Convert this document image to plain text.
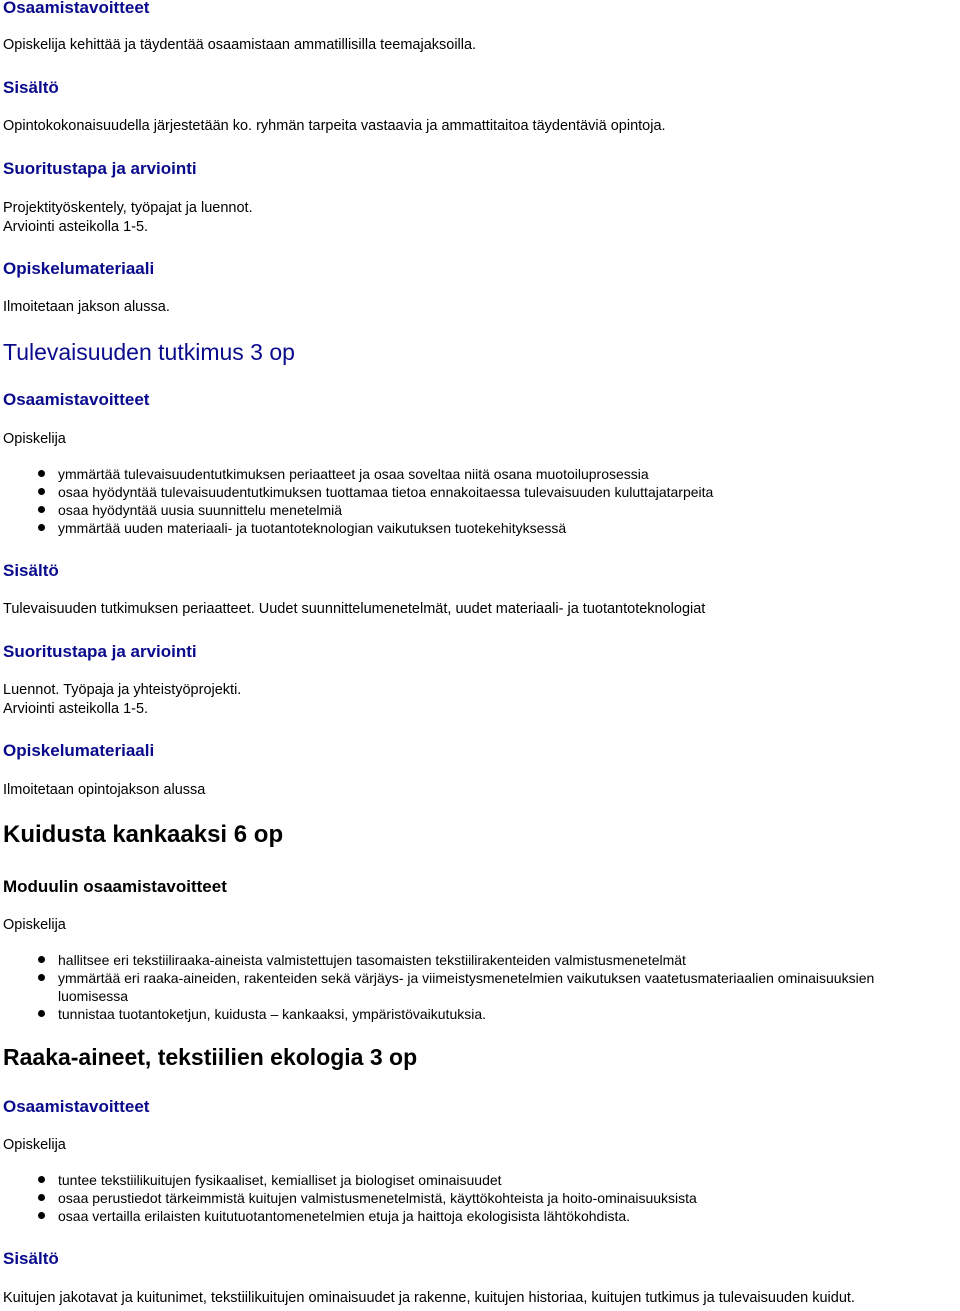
Osaamistavoitteet
Opiskelija kehittää ja täydentää osaamistaan ammatillisilla teemajaksoilla.
Sisältö
Opintokokonaisuudella järjestetään ko. ryhmän tarpeita vastaavia ja ammattitaitoa täydentäviä opintoja.
Suoritustapa ja arviointi
Projektityöskentely, työpajat ja luennot.
Arviointi asteikolla 1-5.
Opiskelumateriaali
Ilmoitetaan jakson alussa.
Tulevaisuuden tutkimus 3 op
Osaamistavoitteet
Opiskelija
ymmärtää tulevaisuudentutkimuksen periaatteet ja osaa soveltaa niitä osana muotoiluprosessia
osaa hyödyntää tulevaisuudentutkimuksen tuottamaa tietoa ennakoitaessa tulevaisuuden kuluttajatarpeita
osaa hyödyntää uusia suunnittelu menetelmiä
ymmärtää uuden materiaali- ja tuotantoteknologian vaikutuksen tuotekehityksessä
Sisältö
Tulevaisuuden tutkimuksen periaatteet. Uudet suunnittelumenetelmät, uudet materiaali- ja tuotantoteknologiat
Suoritustapa ja arviointi
Luennot. Työpaja ja yhteistyöprojekti.
Arviointi asteikolla 1-5.
Opiskelumateriaali
Ilmoitetaan opintojakson alussa
Kuidusta kankaaksi 6 op
Moduulin osaamistavoitteet
Opiskelija
hallitsee eri tekstiiliraaka-aineista valmistettujen tasomaisten tekstiilirakenteiden valmistusmenetelmät
ymmärtää eri raaka-aineiden, rakenteiden sekä värjäys- ja viimeistysmenetelmien vaikutuksen vaatetusmateriaalien ominaisuuksien
luomisessa
tunnistaa tuotantoketjun, kuidusta – kankaaksi, ympäristövaikutuksia.
Raaka-aineet, tekstiilien ekologia 3 op
Osaamistavoitteet
Opiskelija
tuntee tekstiilikuitujen fysikaaliset, kemialliset ja biologiset ominaisuudet
osaa perustiedot tärkeimmistä kuitujen valmistusmenetelmistä, käyttökohteista ja hoito-ominaisuuksista
osaa vertailla erilaisten kuitutuotantomenetelmien etuja ja haittoja ekologisista lähtökohdista.
Sisältö
Kuitujen jakotavat ja kuitunimet, tekstiilikuitujen ominaisuudet ja rakenne, kuitujen historiaa, kuitujen tutkimus ja tulevaisuuden kuidut.
